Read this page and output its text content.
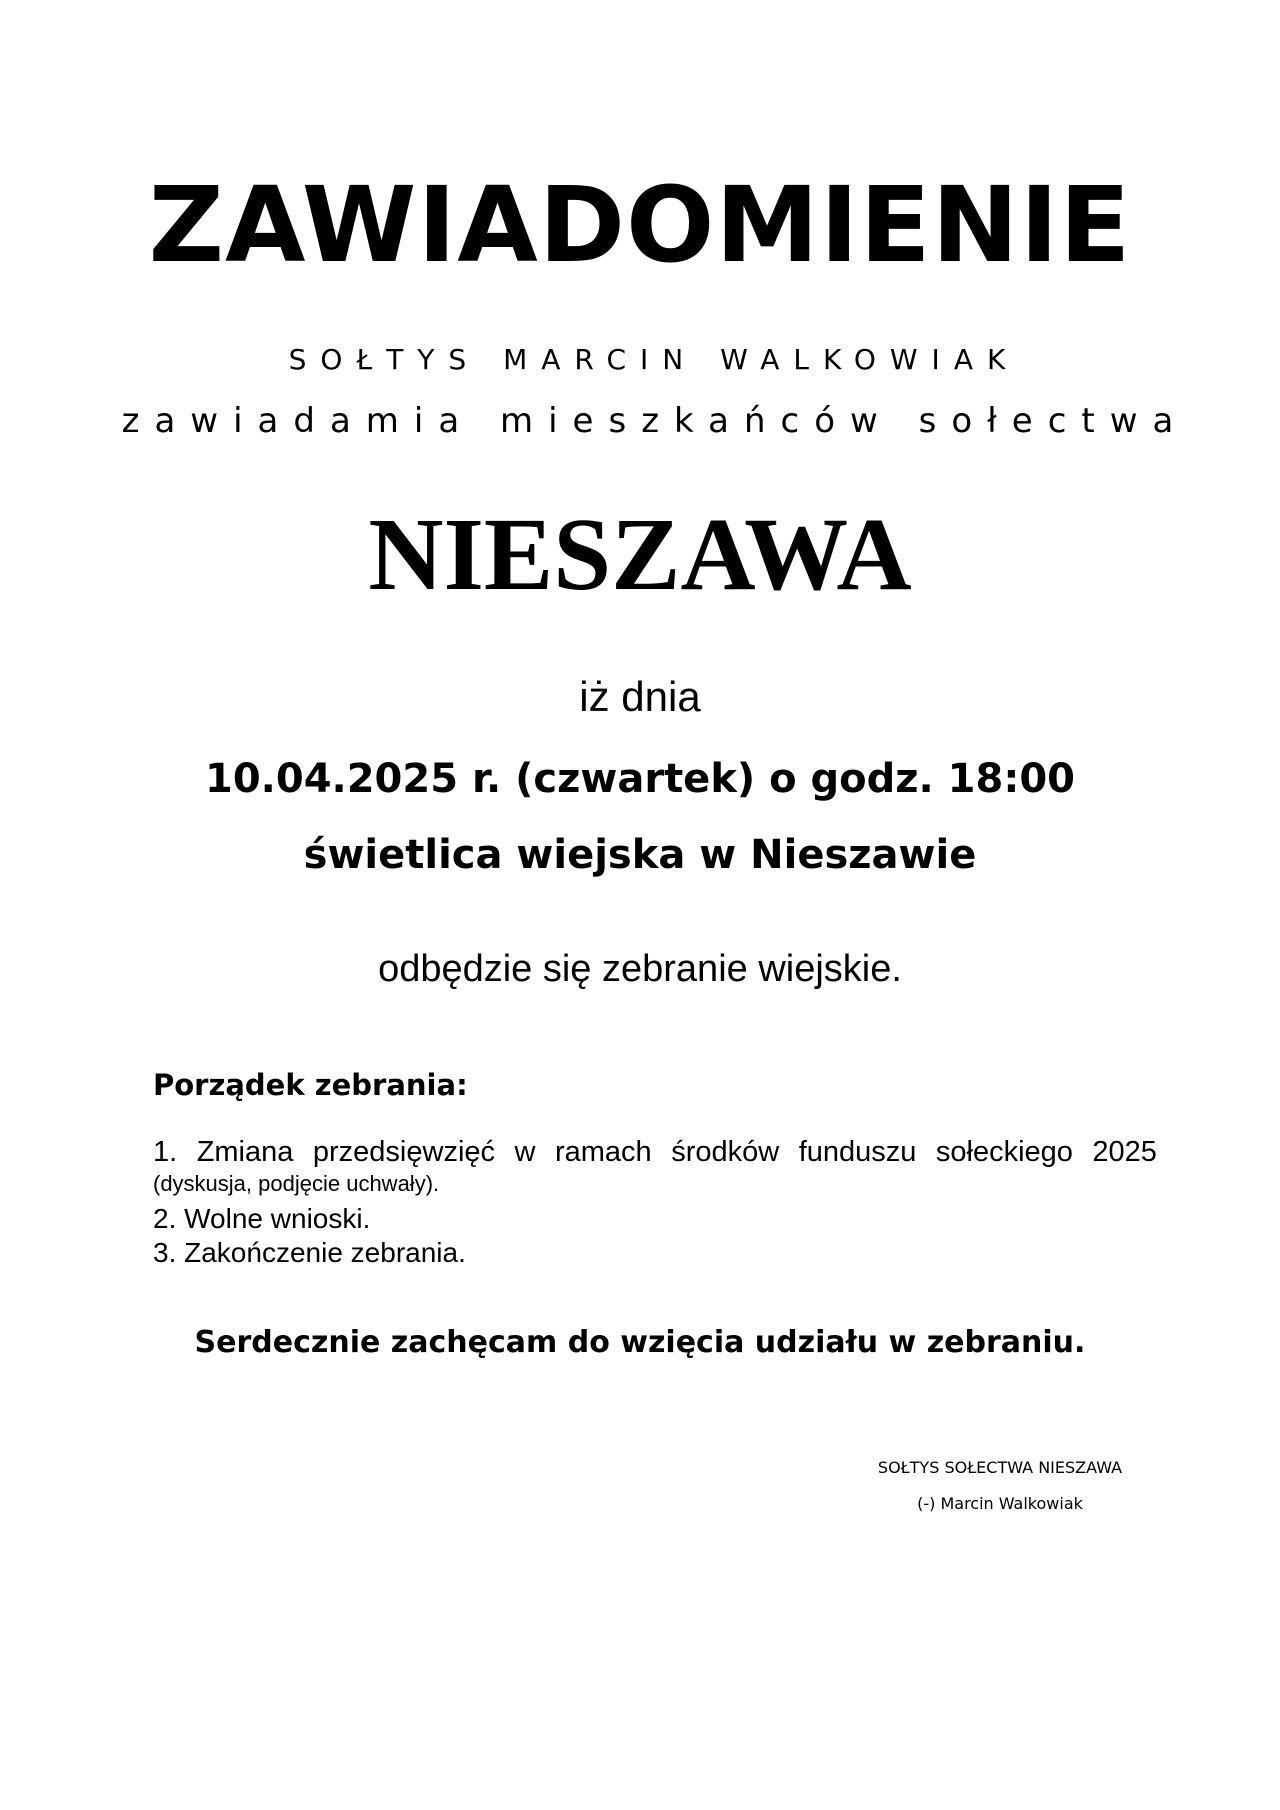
ZAWIADOMIENIE
SOŁTYS MARCIN WALKOWIAK
zawiadamia mieszkańców sołectwa
NIESZAWA
iż dnia
10.04.2025 r. (czwartek) o godz. 18:00
świetlica wiejska w Nieszawie
odbędzie się zebranie wiejskie.
Porządek zebrania:
1. Zmiana przedsięwzięć w ramach środków funduszu sołeckiego 2025
(dyskusja, podjęcie uchwały).
2. Wolne wnioski.
3. Zakończenie zebrania.
Serdecznie zachęcam do wzięcia udziału w zebraniu.
SOŁTYS SOŁECTWA NIESZAWA
(-) Marcin Walkowiak
